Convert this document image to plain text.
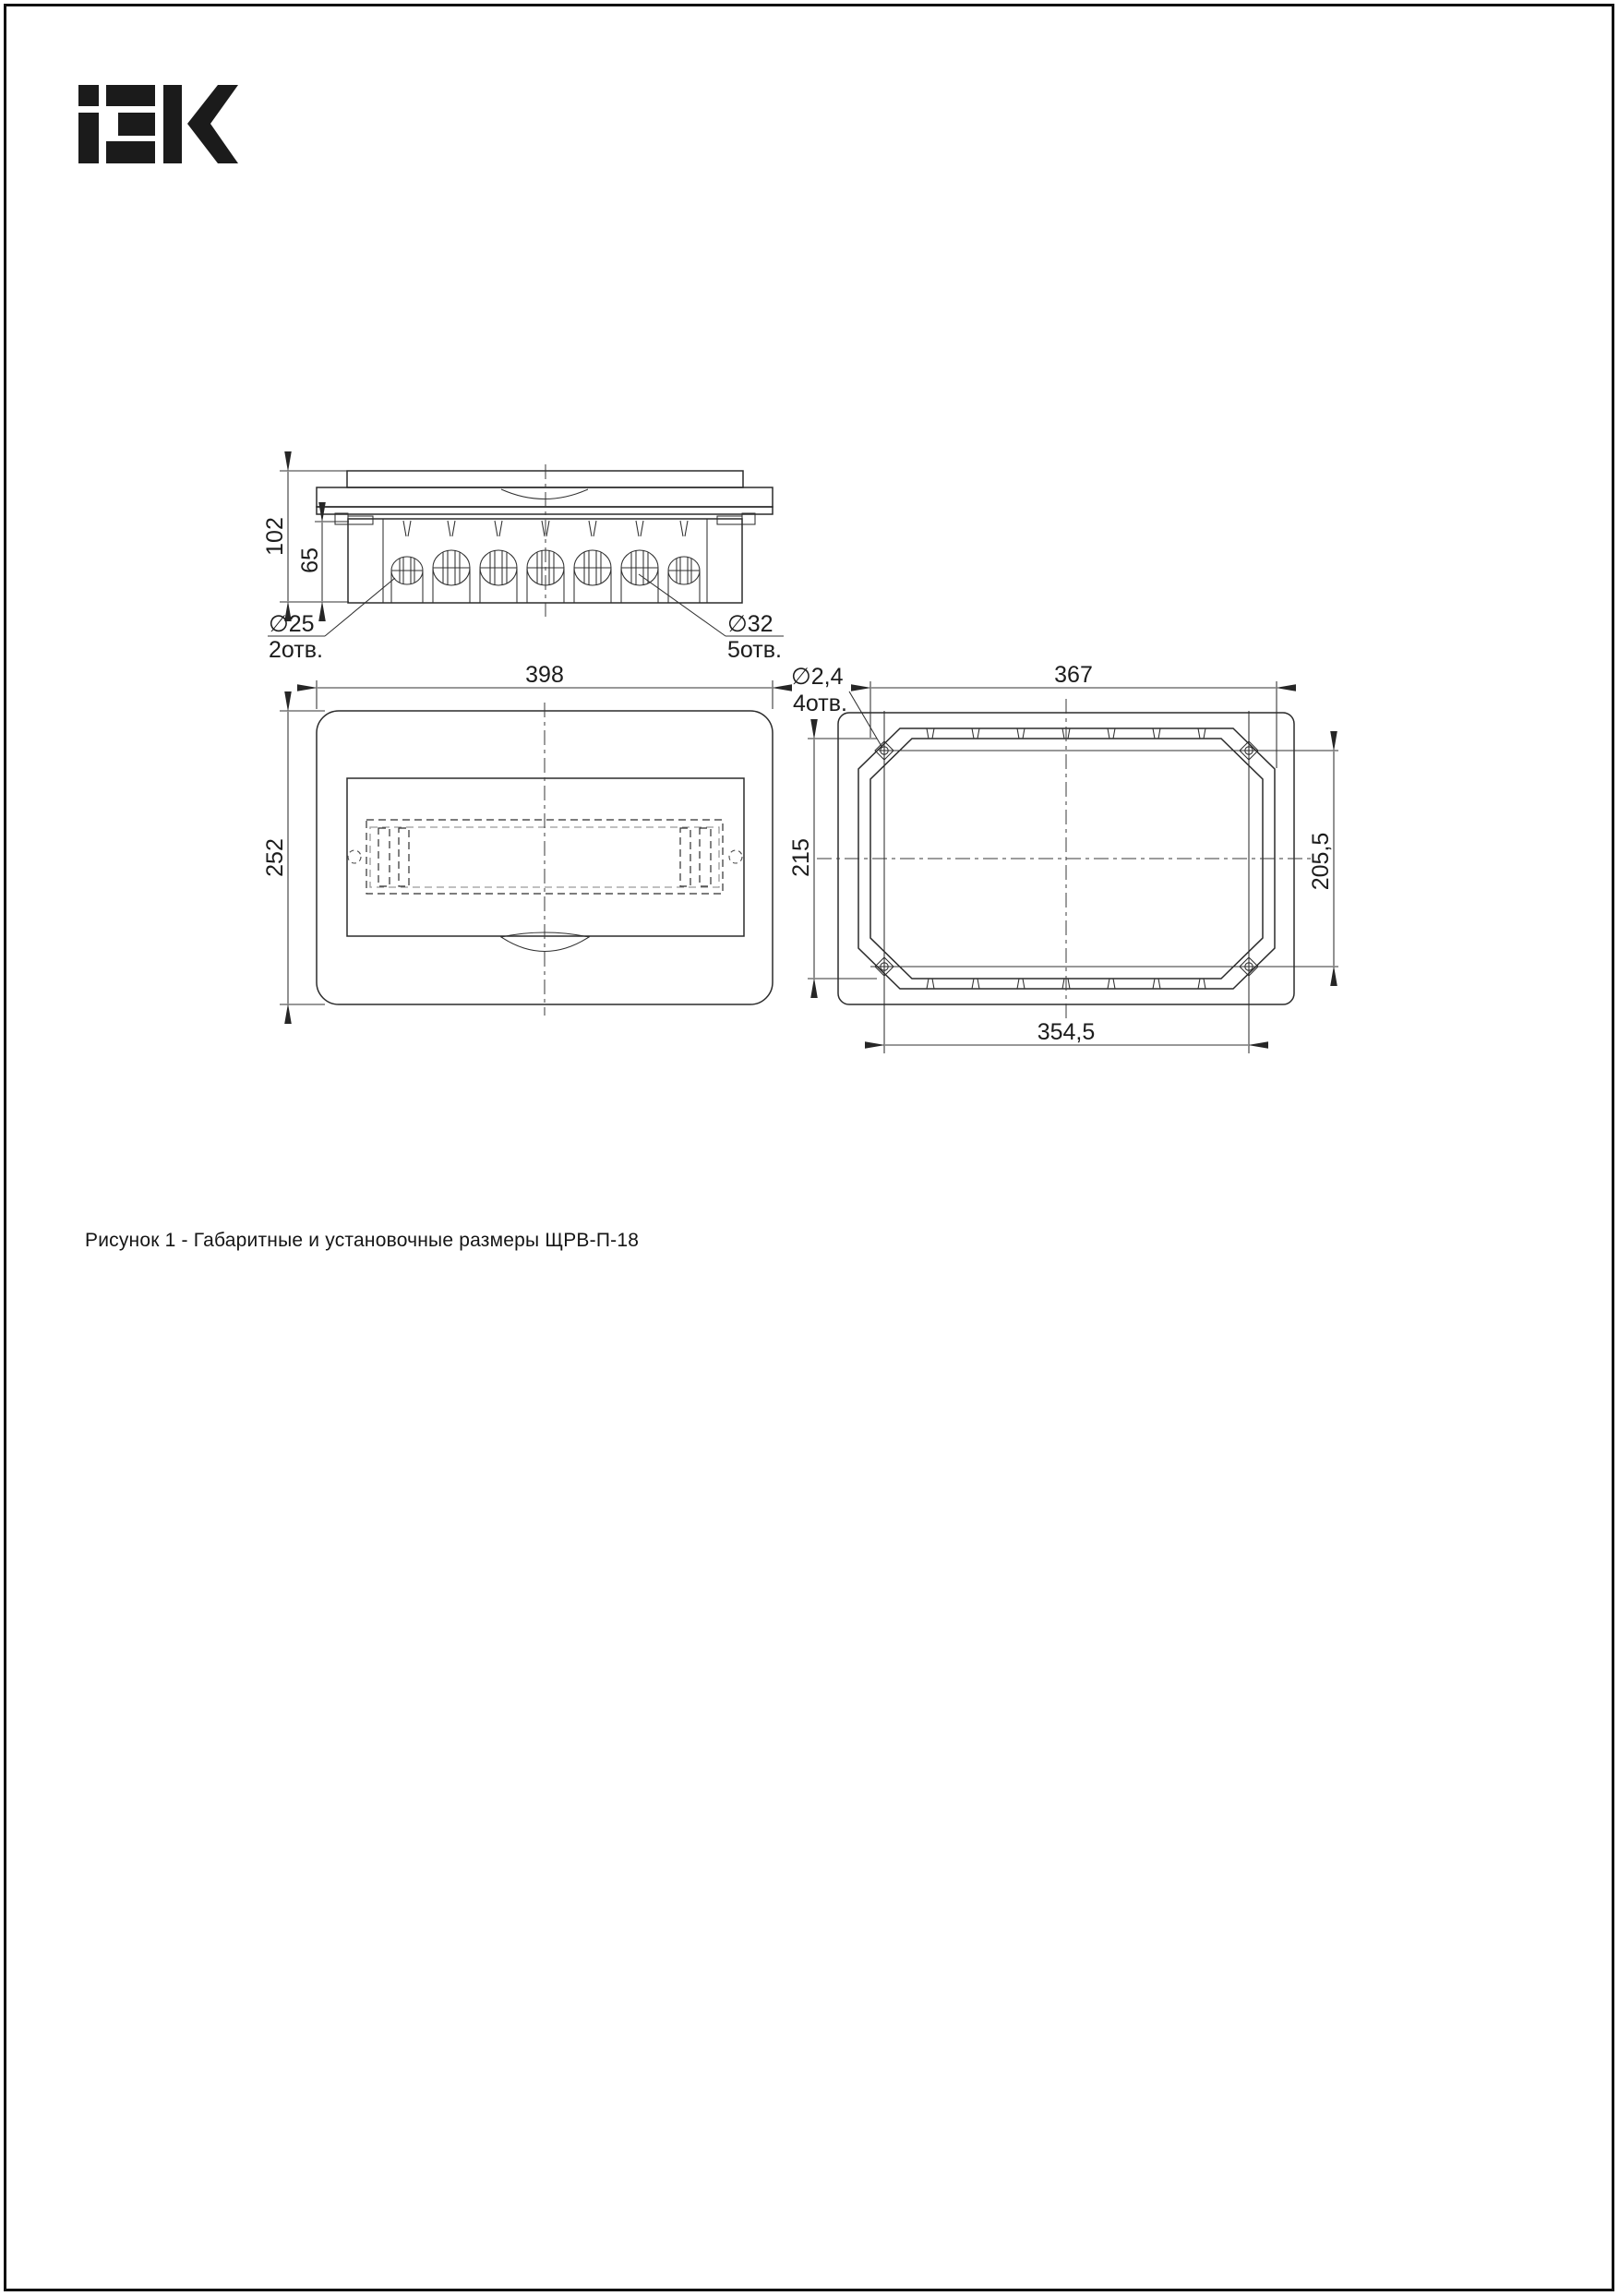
102
65
∅25
2отв.
∅32
5отв.
398
252
367
∅2,4
4отв.
215	205,5
354,5
Рисунок 1 - Габаритные и установочные размеры ЩРВ-П-18
